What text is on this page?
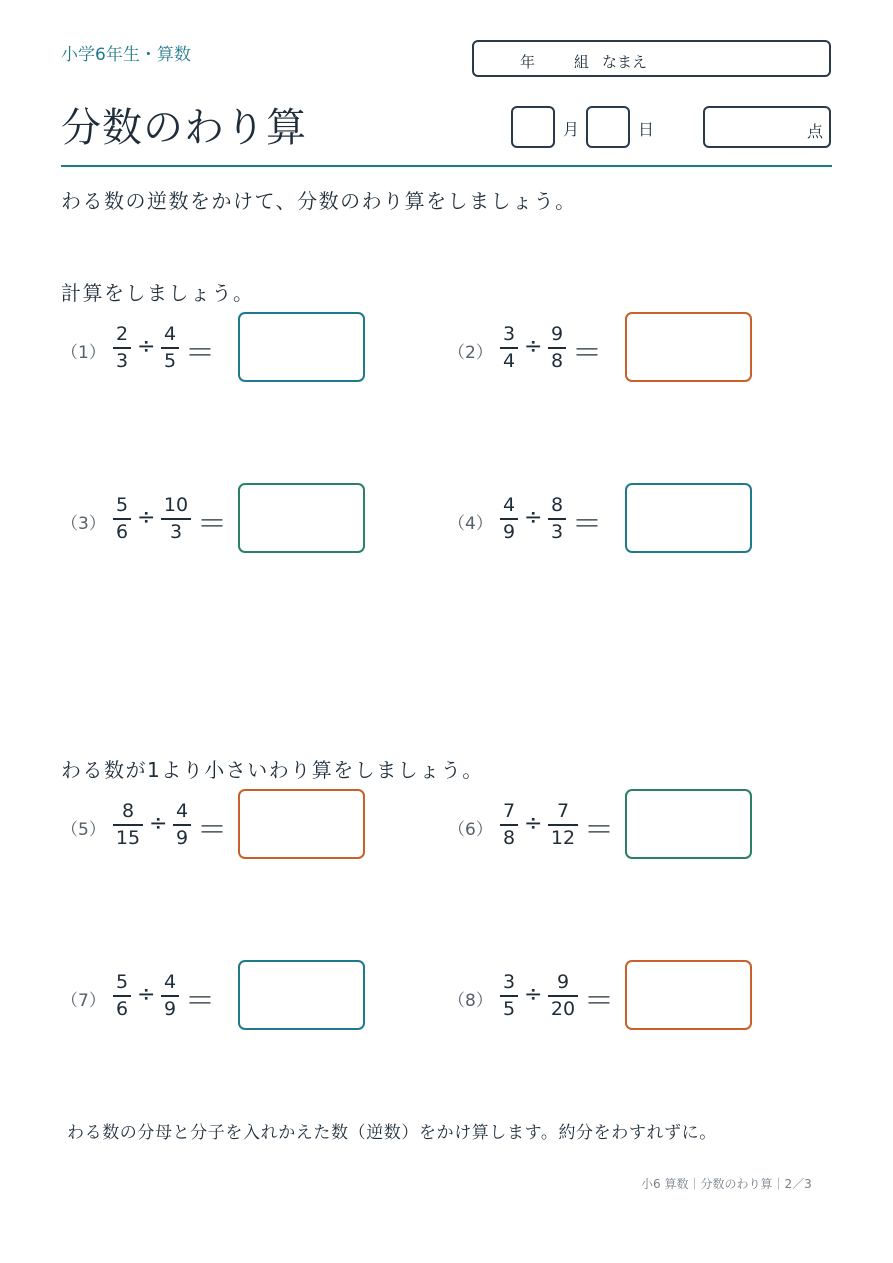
小学6年生・算数	年	組 なまえ
分数のわり算	月	日	点
わる数の逆数をかけて、分数のわり算をしましょう。
計算をしましょう。
わる数が1より小さいわり算をしましょう。
（1）
2
3
÷ 4
5 ＝	（2）
3
4
÷ 9
8 ＝
（3）
5
6
÷ 10
3 ＝	（4）
4
9
÷ 8
3 ＝
（5）
8
15
÷ 4
9 ＝	（6）
7
8
÷ 7
12 ＝
（7）
5
6
÷ 4
9 ＝	（8）
3
5
÷ 9
20 ＝
わる数の分母と分子を入れかえた数（逆数）をかけ算します。約分をわすれずに。
小6 算数｜分数のわり算｜2／3
